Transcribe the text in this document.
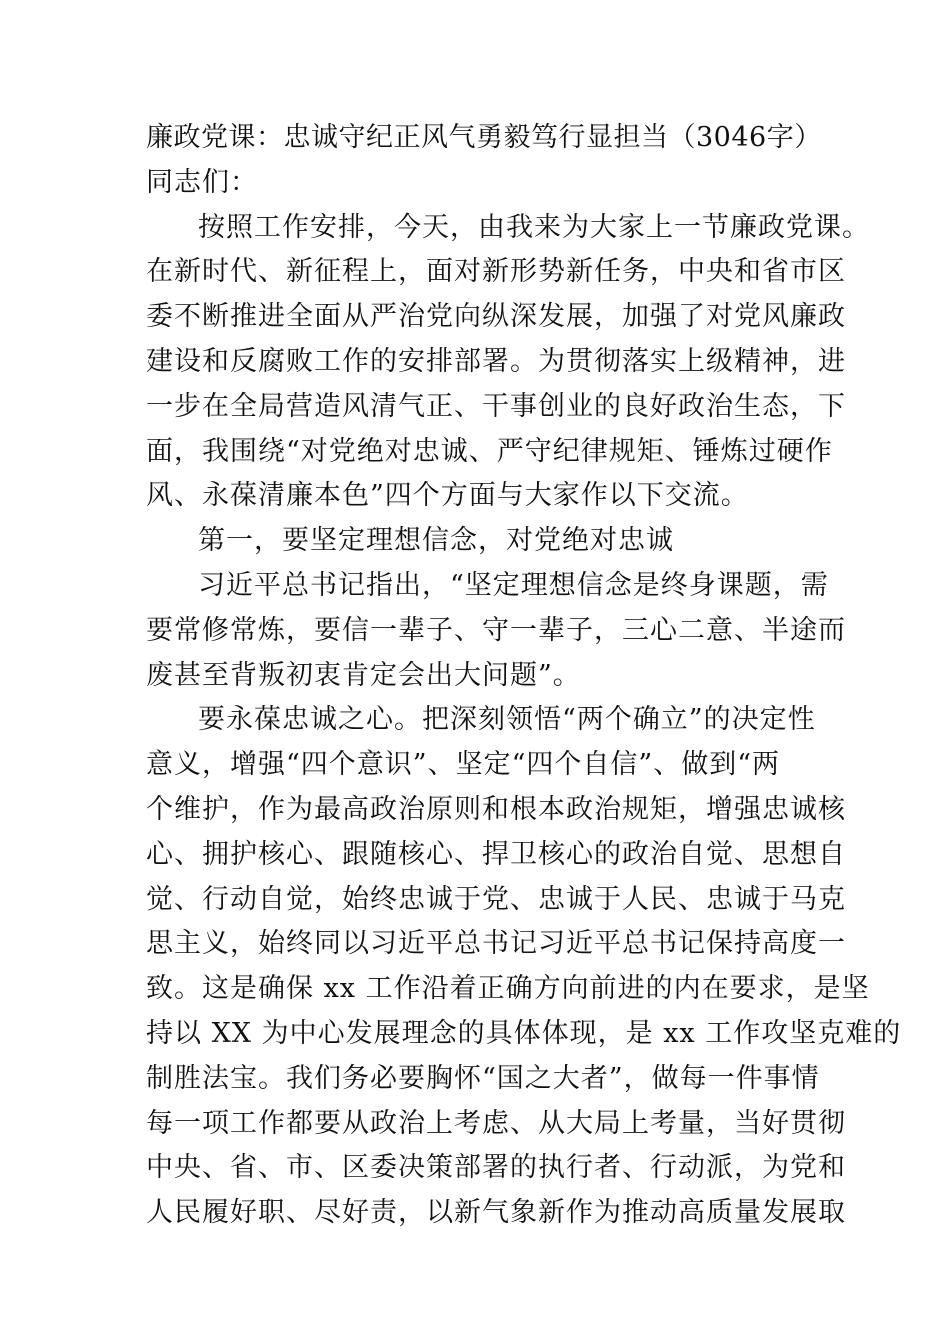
廉政党课：忠诚守纪正风气勇毅笃行显担当（3046字）
同志们：
按照工作安排，今天，由我来为大家上一节廉政党课。
在新时代、新征程上，面对新形势新任务，中央和省市区
委不断推进全面从严治党向纵深发展，加强了对党风廉政
建设和反腐败工作的安排部署。为贯彻落实上级精神，进
一步在全局营造风清气正、干事创业的良好政治生态，下
面，我围绕“对党绝对忠诚、严守纪律规矩、锤炼过硬作
风、永葆清廉本色”四个方面与大家作以下交流。
第一，要坚定理想信念，对党绝对忠诚
习近平总书记指出，“坚定理想信念是终身课题，需
要常修常炼，要信一辈子、守一辈子，三心二意、半途而
废甚至背叛初衷肯定会出大问题”。
要永葆忠诚之心。把深刻领悟“两个确立”的决定性
意义，增强“四个意识”、坚定“四个自信”、做到“两
个维护，作为最高政治原则和根本政治规矩，增强忠诚核
心、拥护核心、跟随核心、捍卫核心的政治自觉、思想自
觉、行动自觉，始终忠诚于党、忠诚于人民、忠诚于马克
思主义，始终同以习近平总书记习近平总书记保持高度一
致。这是确保 xx 工作沿着正确方向前进的内在要求，是坚
持以 XX 为中心发展理念的具体体现，是 xx 工作攻坚克难的
制胜法宝。我们务必要胸怀“国之大者”，做每一件事情
每一项工作都要从政治上考虑、从大局上考量，当好贯彻
中央、省、市、区委决策部署的执行者、行动派，为党和
人民履好职、尽好责，以新气象新作为推动高质量发展取
